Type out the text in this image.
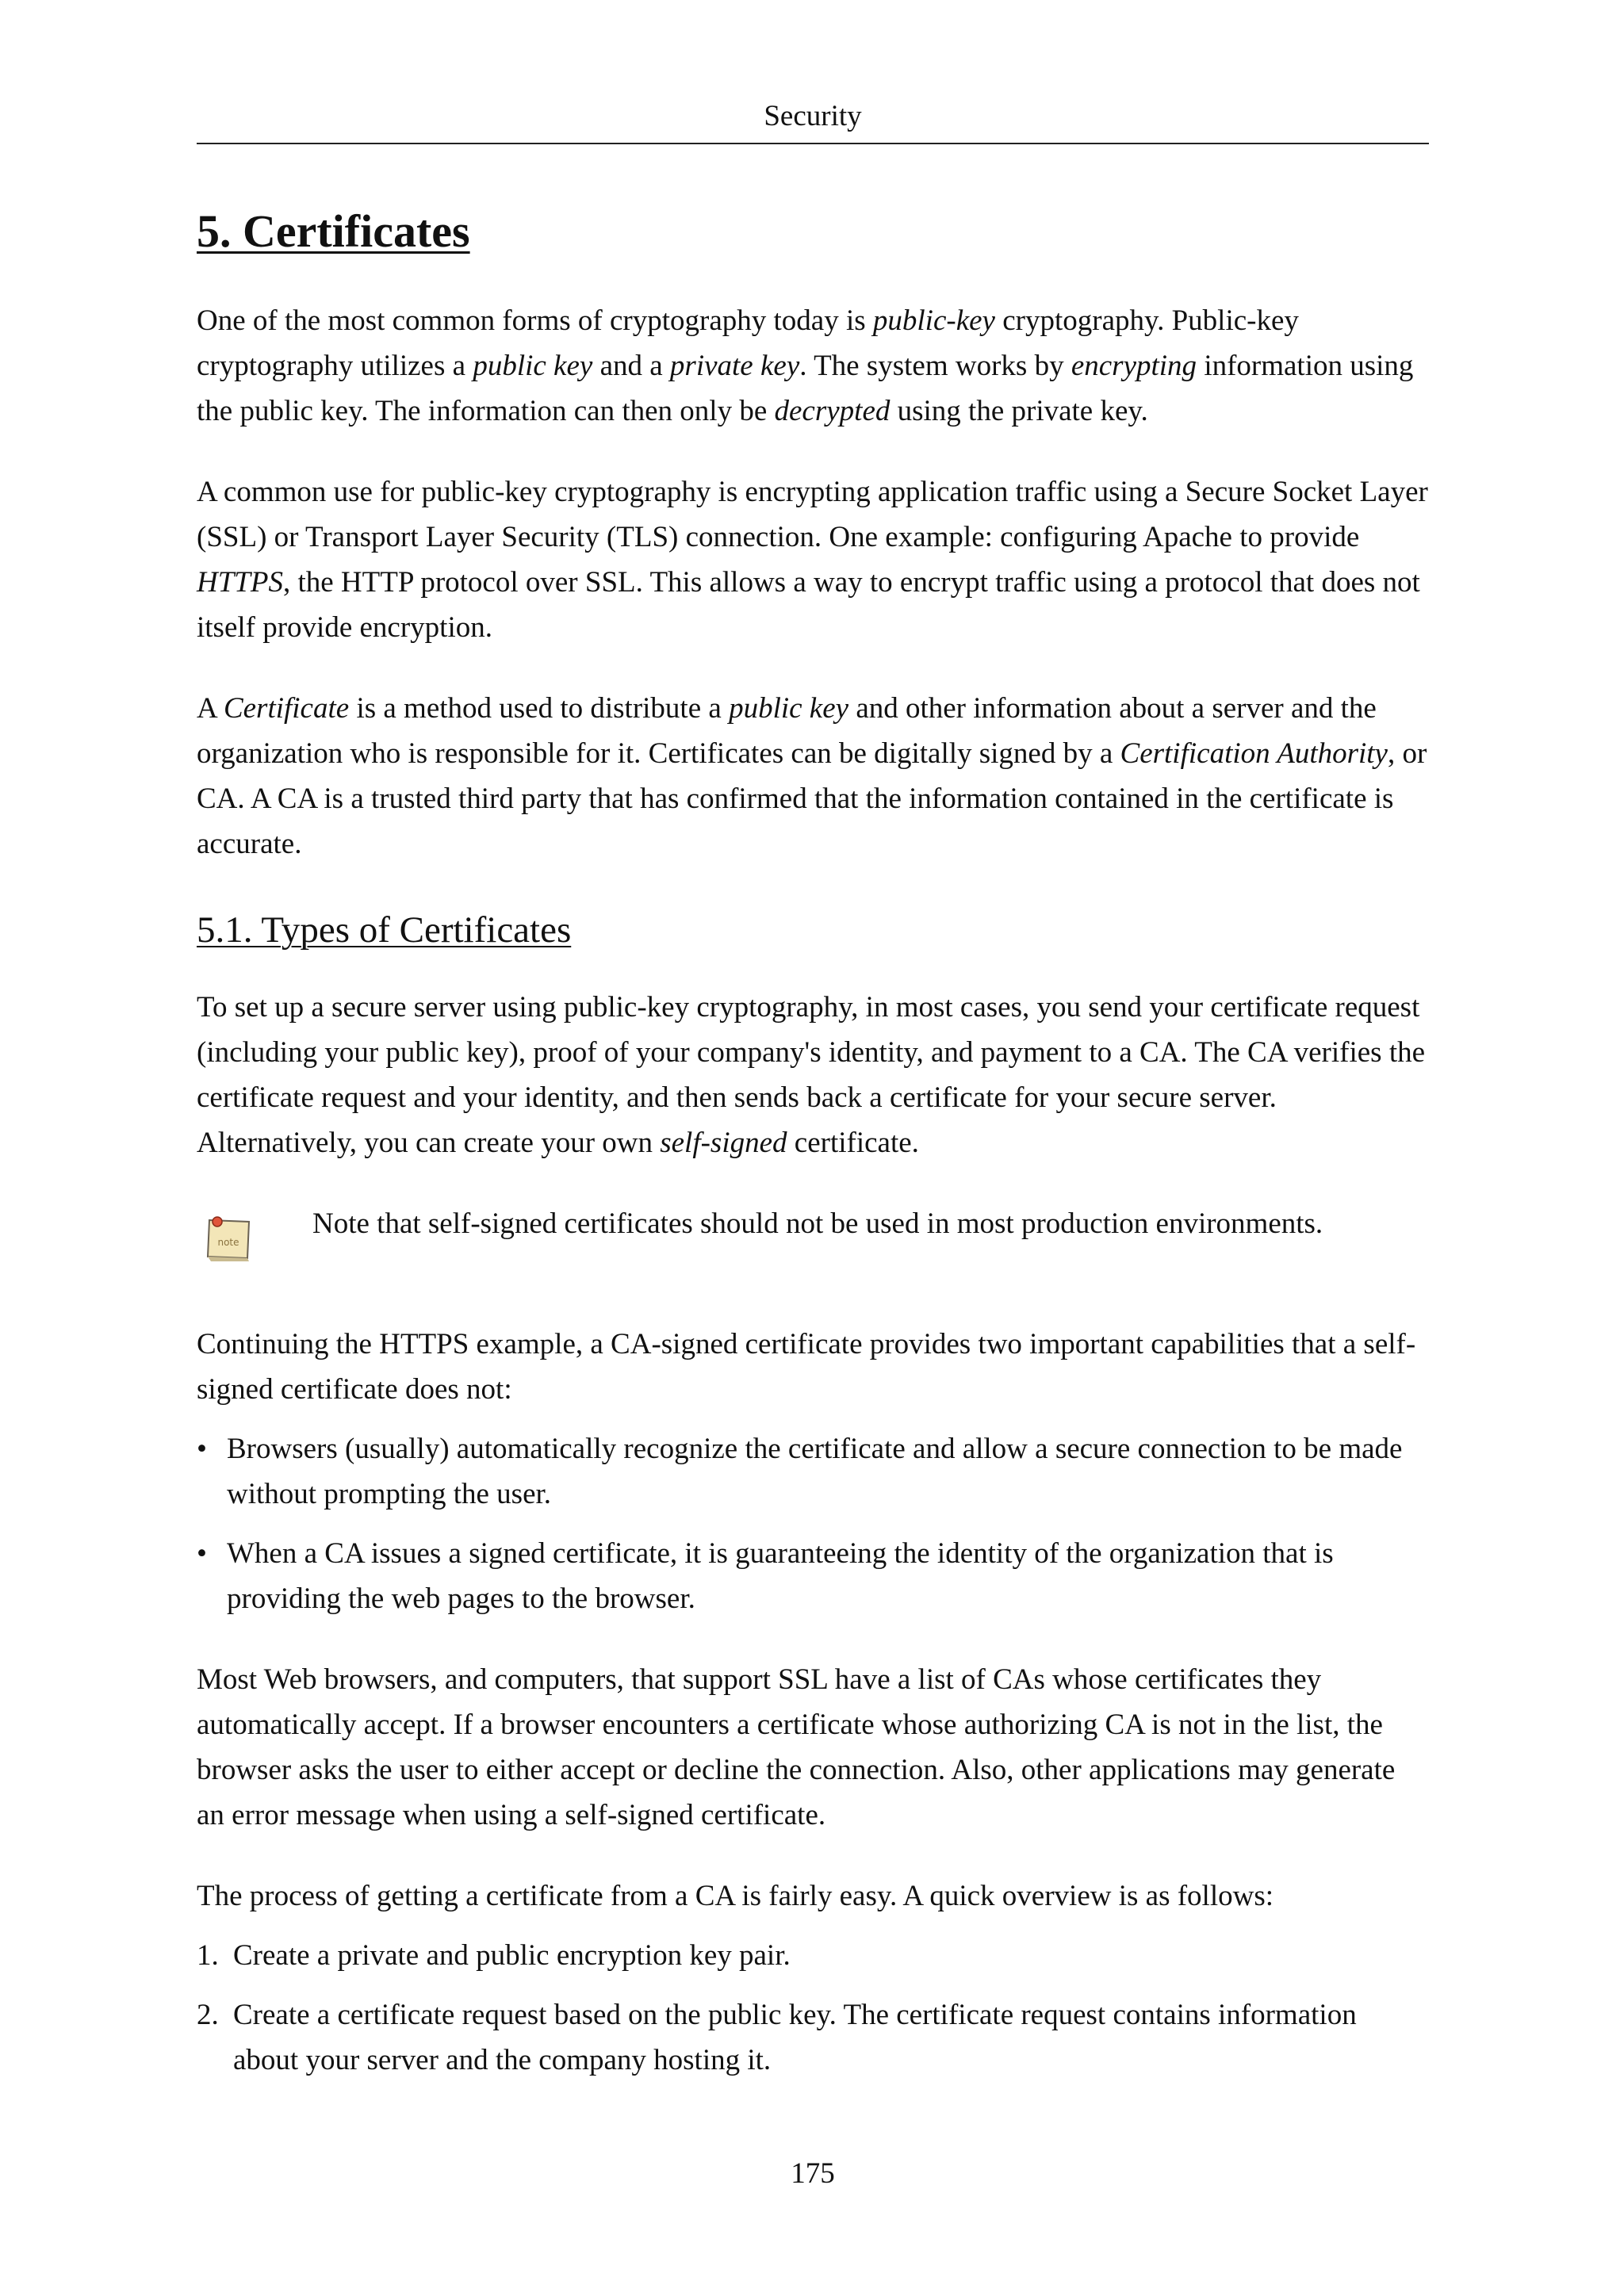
Security
5. Certificates

One of the most common forms of cryptography today is public-key cryptography. Public-key cryptography utilizes a public key and a private key. The system works by encrypting information using the public key. The information can then only be decrypted using the private key.

A common use for public-key cryptography is encrypting application traffic using a Secure Socket Layer (SSL) or Transport Layer Security (TLS) connection. One example: configuring Apache to provide HTTPS, the HTTP protocol over SSL. This allows a way to encrypt traffic using a protocol that does not itself provide encryption.

A Certificate is a method used to distribute a public key and other information about a server and the organization who is responsible for it. Certificates can be digitally signed by a Certification Authority, or CA. A CA is a trusted third party that has confirmed that the information contained in the certificate is accurate.

5.1. Types of Certificates

To set up a secure server using public-key cryptography, in most cases, you send your certificate request (including your public key), proof of your company's identity, and payment to a CA. The CA verifies the certificate request and your identity, and then sends back a certificate for your secure server. Alternatively, you can create your own self-signed certificate.

note
Note that self-signed certificates should not be used in most production environments.

Continuing the HTTPS example, a CA-signed certificate provides two important capabilities that a self-signed certificate does not:

• Browsers (usually) automatically recognize the certificate and allow a secure connection to be made without prompting the user.
• When a CA issues a signed certificate, it is guaranteeing the identity of the organization that is providing the web pages to the browser.

Most Web browsers, and computers, that support SSL have a list of CAs whose certificates they automatically accept. If a browser encounters a certificate whose authorizing CA is not in the list, the browser asks the user to either accept or decline the connection. Also, other applications may generate an error message when using a self-signed certificate.

The process of getting a certificate from a CA is fairly easy. A quick overview is as follows:

1. Create a private and public encryption key pair.
2. Create a certificate request based on the public key. The certificate request contains information about your server and the company hosting it.
175
